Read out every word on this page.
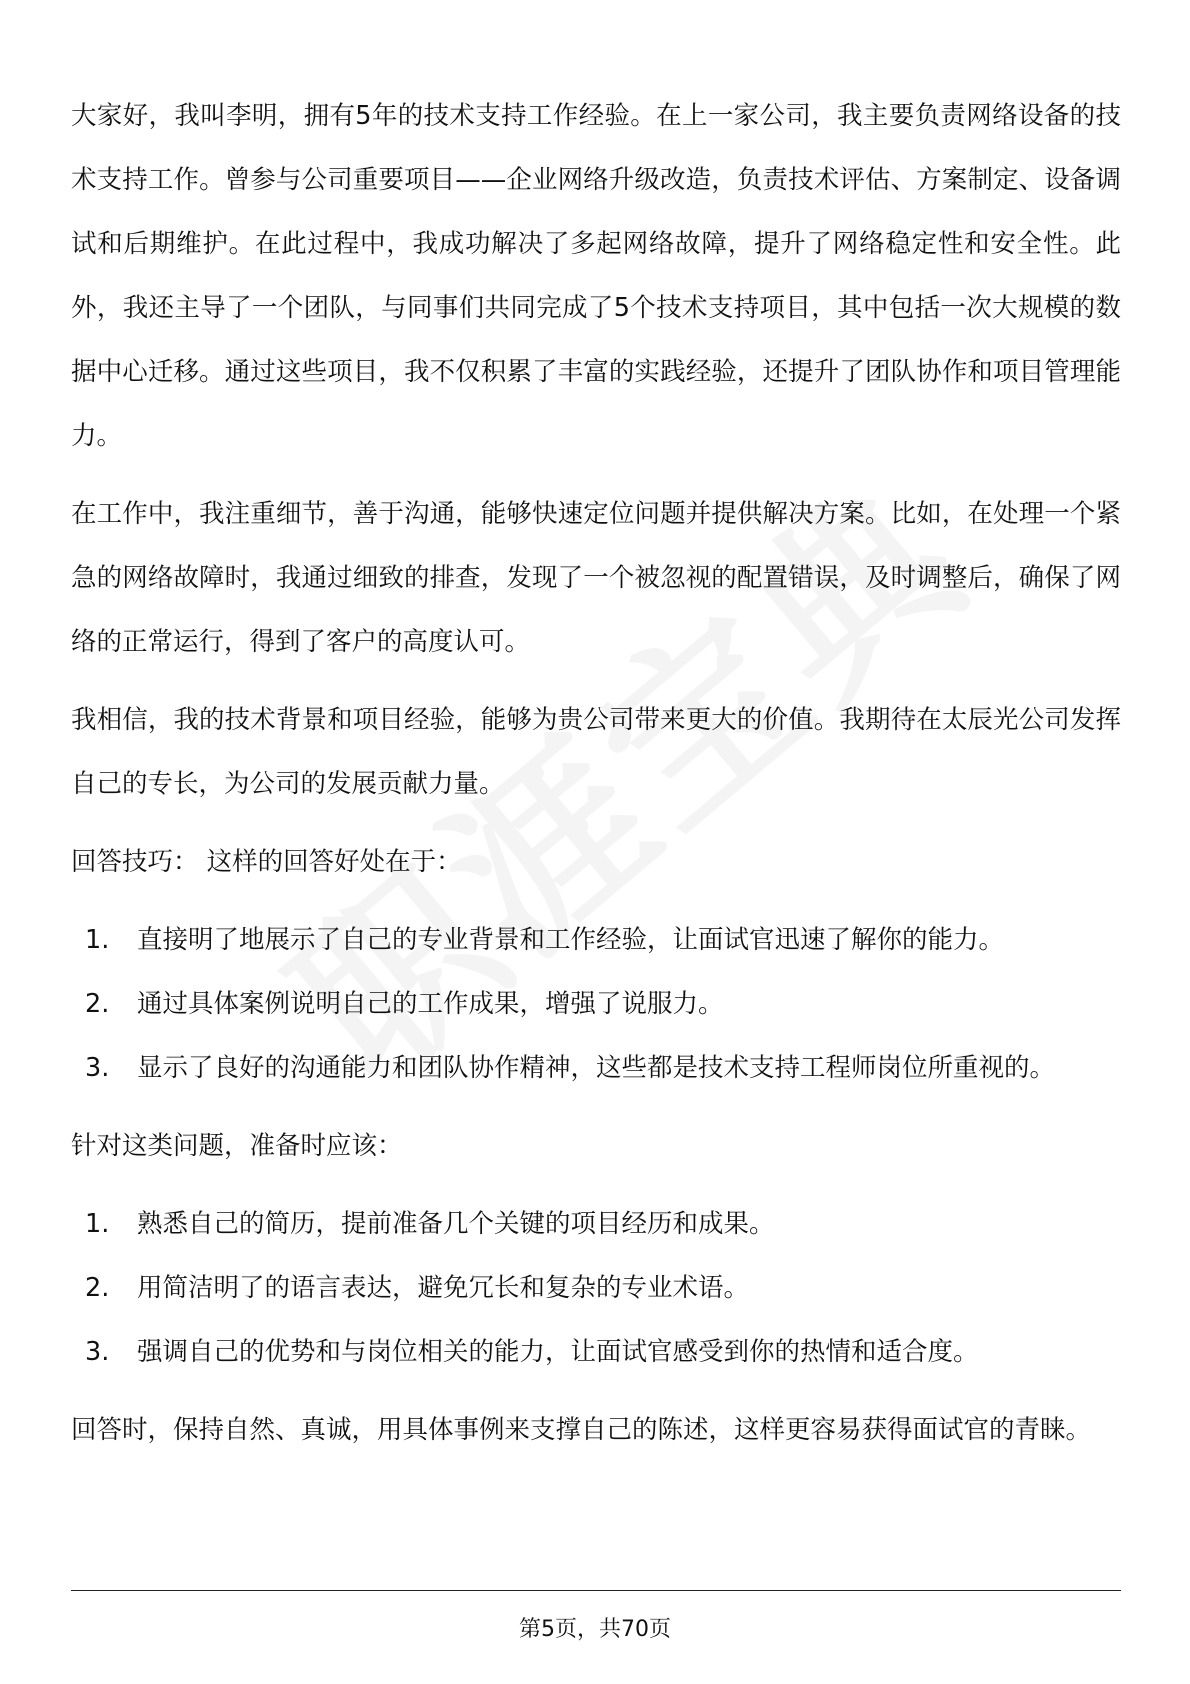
大家好，我叫李明，拥有5年的技术支持工作经验。在上一家公司，我主要负责网络设备的技术支持工作。曾参与公司重要项目——企业网络升级改造，负责技术评估、方案制定、设备调试和后期维护。在此过程中，我成功解决了多起网络故障，提升了网络稳定性和安全性。此外，我还主导了一个团队，与同事们共同完成了5个技术支持项目，其中包括一次大规模的数据中心迁移。通过这些项目，我不仅积累了丰富的实践经验，还提升了团队协作和项目管理能力。

在工作中，我注重细节，善于沟通，能够快速定位问题并提供解决方案。比如，在处理一个紧急的网络故障时，我通过细致的排查，发现了一个被忽视的配置错误，及时调整后，确保了网络的正常运行，得到了客户的高度认可。

我相信，我的技术背景和项目经验，能够为贵公司带来更大的价值。我期待在太辰光公司发挥自己的专长，为公司的发展贡献力量。

回答技巧： 这样的回答好处在于：

1.	直接明了地展示了自己的专业背景和工作经验，让面试官迅速了解你的能力。
2.	通过具体案例说明自己的工作成果，增强了说服力。
3.	显示了良好的沟通能力和团队协作精神，这些都是技术支持工程师岗位所重视的。

针对这类问题，准备时应该：

1.	熟悉自己的简历，提前准备几个关键的项目经历和成果。
2.	用简洁明了的语言表达，避免冗长和复杂的专业术语。
3.	强调自己的优势和与岗位相关的能力，让面试官感受到你的热情和适合度。

回答时，保持自然、真诚，用具体事例来支撑自己的陈述，这样更容易获得面试官的青睐。

第5页，共70页
